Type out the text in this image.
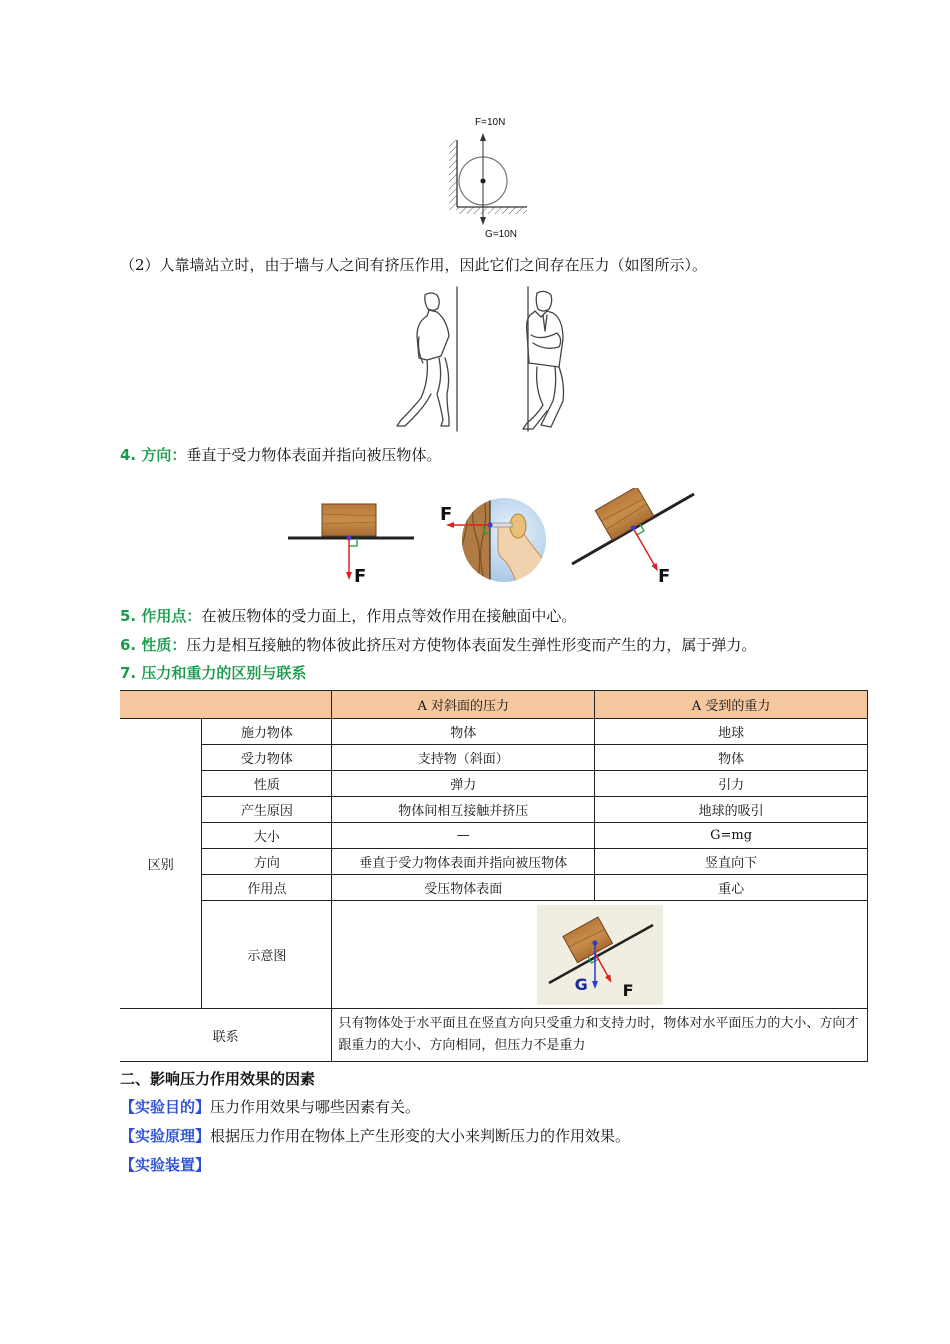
F=10N
G=10N
（2）人靠墙站立时，由于墙与人之间有挤压作用，因此它们之间存在压力（如图所示）。
4. 方向：垂直于受力物体表面并指向被压物体。
F
F
F
5. 作用点：在被压物体的受力面上，作用点等效作用在接触面中心。
6. 性质：压力是相互接触的物体彼此挤压对方使物体表面发生弹性形变而产生的力，属于弹力。
7. 压力和重力的区别与联系
		A 对斜面的压力	A 受到的重力
区别	施力物体	物体	地球
	受力物体	支持物（斜面）	物体
	性质	弹力	引力
	产生原因	物体间相互接触并挤压	地球的吸引
	大小	—	G=mg
	方向	垂直于受力物体表面并指向被压物体	竖直向下
	作用点	受压物体表面	重心
	示意图	G F	

联系		只有物体处于水平面且在竖直方向只受重力和支持力时，物体对水平面压力的大小、方向才跟重力的大小、方向相同，但压力不是重力	
二、影响压力作用效果的因素
【实验目的】压力作用效果与哪些因素有关。
【实验原理】根据压力作用在物体上产生形变的大小来判断压力的作用效果。
【实验装置】
